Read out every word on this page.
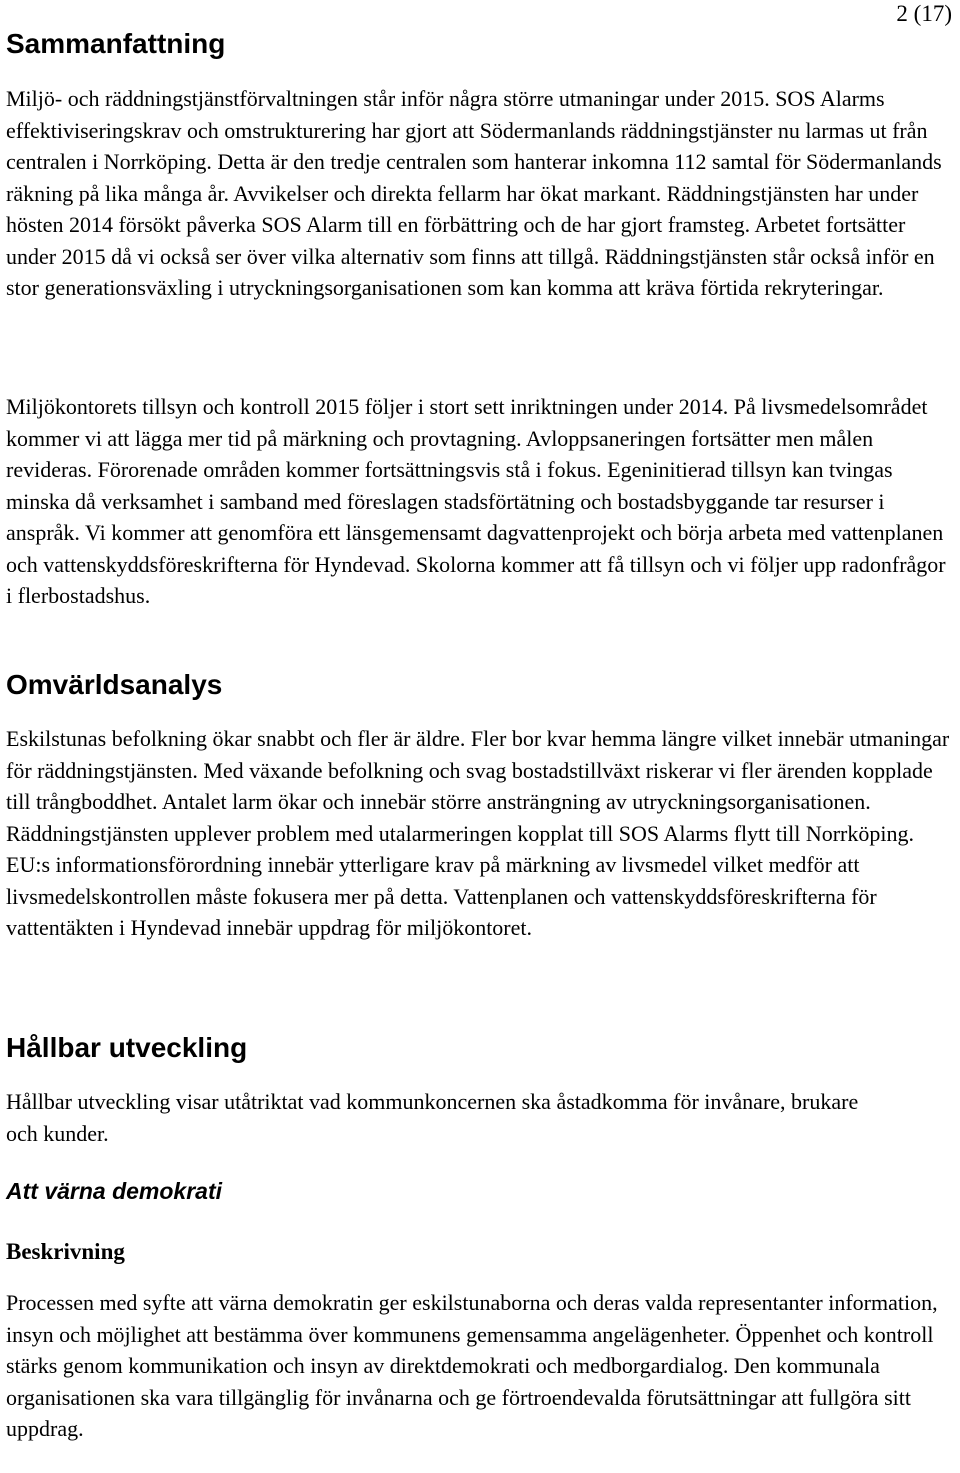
2 (17)
Sammanfattning

Miljö- och räddningstjänstförvaltningen står inför några större utmaningar under 2015. SOS Alarms effektiviseringskrav och omstrukturering har gjort att Södermanlands räddningstjänster nu larmas ut från centralen i Norrköping. Detta är den tredje centralen som hanterar inkomna 112 samtal för Södermanlands räkning på lika många år. Avvikelser och direkta fellarm har ökat markant. Räddningstjänsten har under hösten 2014 försökt påverka SOS Alarm till en förbättring och de har gjort framsteg. Arbetet fortsätter under 2015 då vi också ser över vilka alternativ som finns att tillgå. Räddningstjänsten står också inför en stor generationsväxling i utryckningsorganisationen som kan komma att kräva förtida rekryteringar.

Miljökontorets tillsyn och kontroll 2015 följer i stort sett inriktningen under 2014. På livsmedelsområdet kommer vi att lägga mer tid på märkning och provtagning. Avloppsaneringen fortsätter men målen revideras. Förorenade områden kommer fortsättningsvis stå i fokus. Egeninitierad tillsyn kan tvingas minska då verksamhet i samband med föreslagen stadsförtätning och bostadsbyggande tar resurser i anspråk. Vi kommer att genomföra ett länsgemensamt dagvattenprojekt och börja arbeta med vattenplanen och vattenskyddsföreskrifterna för Hyndevad. Skolorna kommer att få tillsyn och vi följer upp radonfrågor i flerbostadshus.

Omvärldsanalys

Eskilstunas befolkning ökar snabbt och fler är äldre. Fler bor kvar hemma längre vilket innebär utmaningar för räddningstjänsten. Med växande befolkning och svag bostadstillväxt riskerar vi fler ärenden kopplade till trångboddhet. Antalet larm ökar och innebär större ansträngning av utryckningsorganisationen. Räddningstjänsten upplever problem med utalarmeringen kopplat till SOS Alarms flytt till Norrköping. EU:s informationsförordning innebär ytterligare krav på märkning av livsmedel vilket medför att livsmedelskontrollen måste fokusera mer på detta. Vattenplanen och vattenskyddsföreskrifterna för vattentäkten i Hyndevad innebär uppdrag för miljökontoret.

Hållbar utveckling

Hållbar utveckling visar utåtriktat vad kommunkoncernen ska åstadkomma för invånare, brukare och kunder.

Att värna demokrati
Beskrivning

Processen med syfte att värna demokratin ger eskilstunaborna och deras valda representanter information, insyn och möjlighet att bestämma över kommunens gemensamma angelägenheter. Öppenhet och kontroll stärks genom kommunikation och insyn av direktdemokrati och medborgardialog. Den kommunala organisationen ska vara tillgänglig för invånarna och ge förtroendevalda förutsättningar att fullgöra sitt uppdrag.
